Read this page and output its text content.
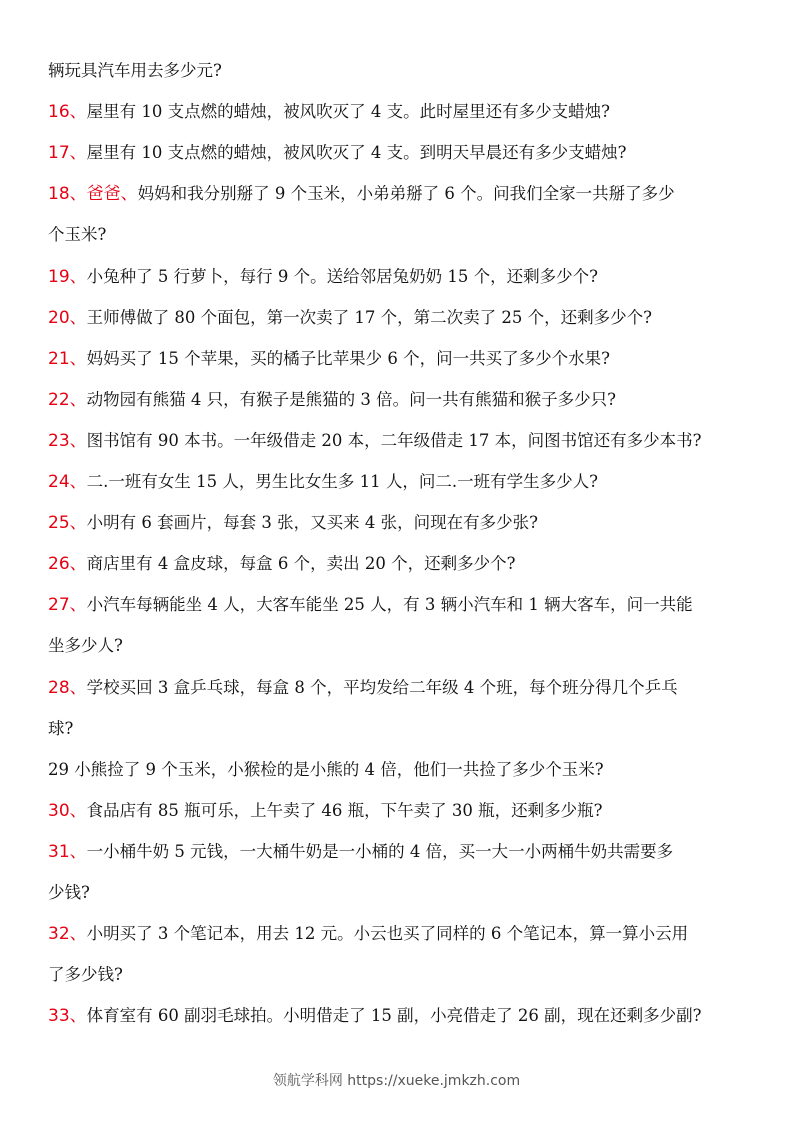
辆玩具汽车用去多少元?

16、屋里有 10 支点燃的蜡烛，被风吹灭了 4 支。此时屋里还有多少支蜡烛?

17、屋里有 10 支点燃的蜡烛，被风吹灭了 4 支。到明天早晨还有多少支蜡烛?

18、爸爸、妈妈和我分别掰了 9 个玉米，小弟弟掰了 6 个。问我们全家一共掰了多少

个玉米?

19、小兔种了 5 行萝卜，每行 9 个。送给邻居兔奶奶 15 个，还剩多少个?

20、王师傅做了 80 个面包，第一次卖了 17 个，第二次卖了 25 个，还剩多少个?

21、妈妈买了 15 个苹果，买的橘子比苹果少 6 个，问一共买了多少个水果?

22、动物园有熊猫 4 只，有猴子是熊猫的 3 倍。问一共有熊猫和猴子多少只?

23、图书馆有 90 本书。一年级借走 20 本，二年级借走 17 本，问图书馆还有多少本书?

24、二.一班有女生 15 人，男生比女生多 11 人，问二.一班有学生多少人?

25、小明有 6 套画片，每套 3 张，又买来 4 张，问现在有多少张?

26、商店里有 4 盒皮球，每盒 6 个，卖出 20 个，还剩多少个?

27、小汽车每辆能坐 4 人，大客车能坐 25 人，有 3 辆小汽车和 1 辆大客车，问一共能

坐多少人?

28、学校买回 3 盒乒乓球，每盒 8 个，平均发给二年级 4 个班，每个班分得几个乒乓

球?

29 小熊捡了 9 个玉米，小猴检的是小熊的 4 倍，他们一共捡了多少个玉米?

30、食品店有 85 瓶可乐，上午卖了 46 瓶，下午卖了 30 瓶，还剩多少瓶?

31、一小桶牛奶 5 元钱，一大桶牛奶是一小桶的 4 倍，买一大一小两桶牛奶共需要多

少钱?

32、小明买了 3 个笔记本，用去 12 元。小云也买了同样的 6 个笔记本，算一算小云用

了多少钱?

33、体育室有 60 副羽毛球拍。小明借走了 15 副，小亮借走了 26 副，现在还剩多少副?

领航学科网 https://xueke.jmkzh.com
